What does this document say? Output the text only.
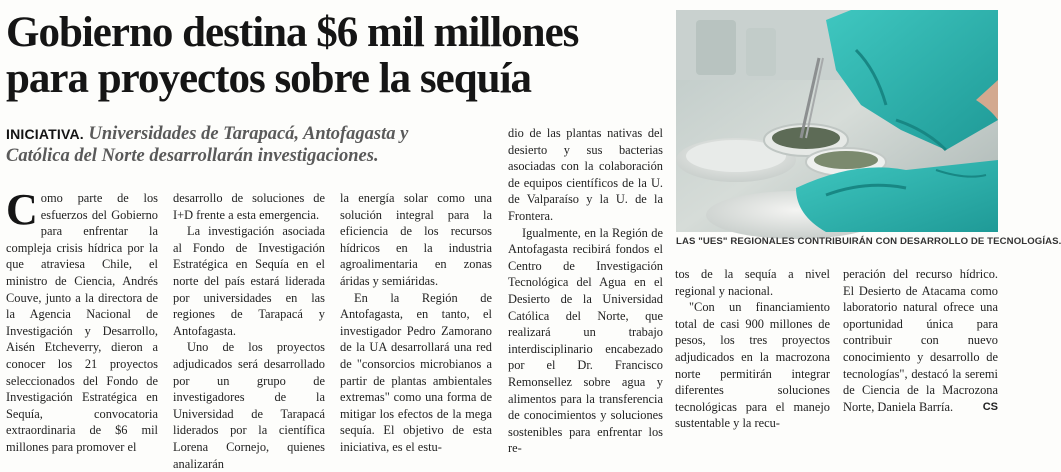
Gobierno destina $6 mil millones
para proyectos sobre la sequía

INICIATIVA. Universidades de Tarapacá, Antofagasta y Católica del Norte desarrollarán investigaciones.

Como parte de los esfuerzos del Gobierno para enfrentar la compleja crisis hídrica por la que atraviesa Chile, el ministro de Ciencia, Andrés Couve, junto a la directora de la Agencia Nacional de Investigación y Desarrollo, Aisén Etcheverry, dieron a conocer los 21 proyectos seleccionados del Fondo de Investigación Estratégica en Sequía, convocatoria extraordinaria de $6 mil millones para promover el

desarrollo de soluciones de I+D frente a esta emergencia.

La investigación asociada al Fondo de Investigación Estratégica en Sequía en el norte del país estará liderada por universidades en las regiones de Tarapacá y Antofagasta.

Uno de los proyectos adjudicados será desarrollado por un grupo de investigadores de la Universidad de Tarapacá liderados por la científica Lorena Cornejo, quienes analizarán

la energía solar como una solución integral para la eficiencia de los recursos hídricos en la industria agroalimentaria en zonas áridas y semiáridas.

En la Región de Antofagasta, en tanto, el investigador Pedro Zamorano de la UA desarrollará una red de "consorcios microbianos a partir de plantas ambientales extremas" como una forma de mitigar los efectos de la mega sequía. El objetivo de esta iniciativa, es el estu-

dio de las plantas nativas del desierto y sus bacterias asociadas con la colaboración de equipos científicos de la U. de Valparaíso y la U. de la Frontera.

Igualmente, en la Región de Antofagasta recibirá fondos el Centro de Investigación Tecnológica del Agua en el Desierto de la Universidad Católica del Norte, que realizará un trabajo interdisciplinario encabezado por el Dr. Francisco Remonsellez sobre agua y alimentos para la transferencia de conocimientos y soluciones sostenibles para enfrentar los re-

LAS "UES" REGIONALES CONTRIBUIRÁN CON DESARROLLO DE TECNOLOGÍAS.

tos de la sequía a nivel regional y nacional.

"Con un financiamiento total de casi 900 millones de pesos, los tres proyectos adjudicados en la macrozona norte permitirán integrar diferentes soluciones tecnológicas para el manejo sustentable y la recu-

peración del recurso hídrico. El Desierto de Atacama como laboratorio natural ofrece una oportunidad única para contribuir con nuevo conocimiento y desarrollo de tecnologías", destacó la seremi de Ciencia de la Macrozona Norte, Daniela Barría.	CS
